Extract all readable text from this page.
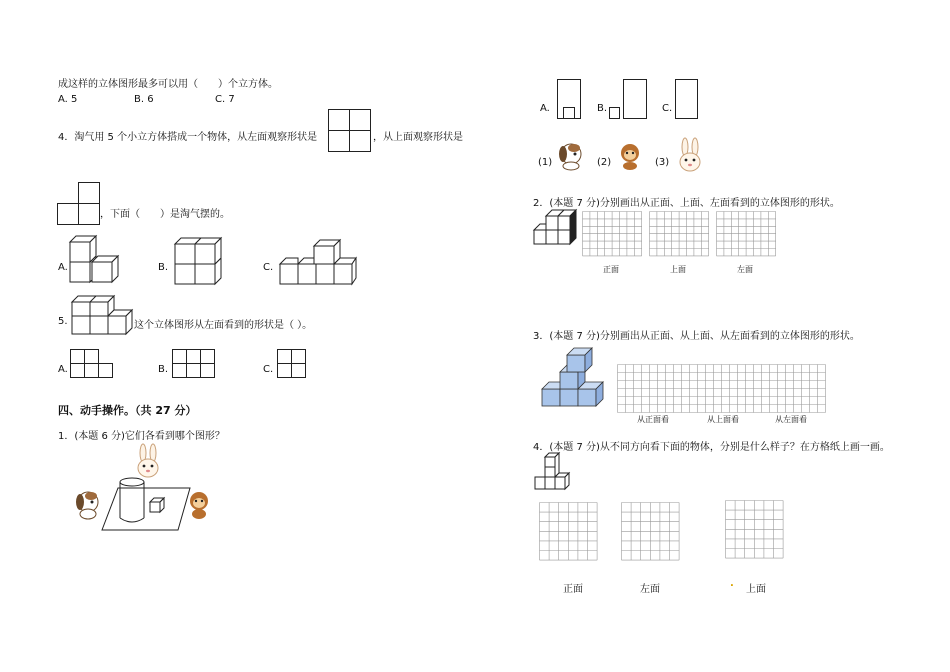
成这样的立体图形最多可以用（　　）个立方体。
A. 5	B. 6	C. 7
4．淘气用 5 个小立方体搭成一个物体，从左面观察形状是	，从上面观察形状是
，下面（　　）是淘气摆的。
A.	B.	C.
5.	这个立体图形从左面看到的形状是（ ）。
A.	B.	C.
四、动手操作。（共 27 分）
1．(本题 6 分)它们各看到哪个图形？
A.	B.	C.
(1)	(2)	(3)
2．(本题 7 分)分别画出从正面、上面、左面看到的立体图形的形状。
正面	上面	左面
3．(本题 7 分)分别画出从正面、从上面、从左面看到的立体图形的形状。
从正面看	从上面看	从左面看
4．(本题 7 分)从不同方向看下面的物体，分别是什么样子？在方格纸上画一画。
正面	左面
.
上面
